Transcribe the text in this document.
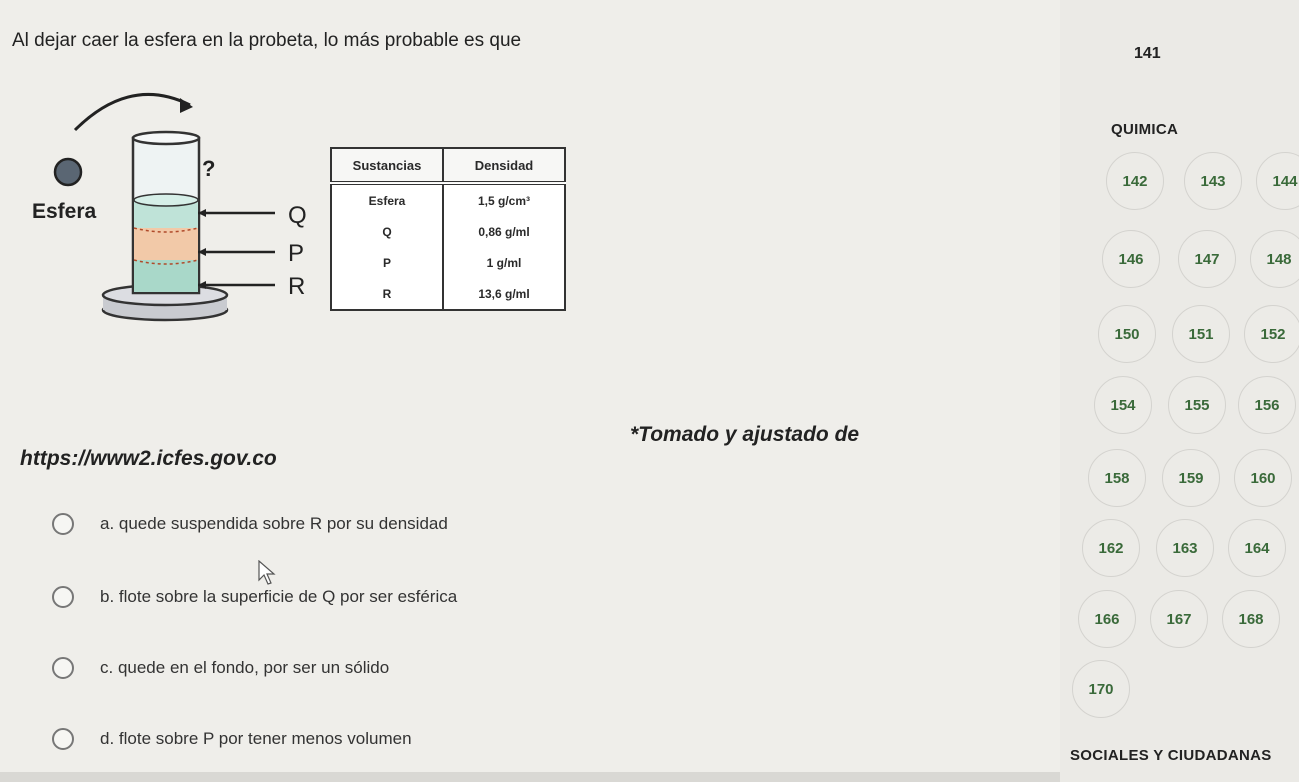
Al dejar caer la esfera en la probeta, lo más probable es que
Esfera
?
Q
P
R
Sustancias	Densidad
Esfera	1,5 g/cm³
Q	0,86 g/ml
P	1 g/ml
R	13,6 g/ml
*Tomado y ajustado de
https://www2.icfes.gov.co
a. quede suspendida sobre R por su densidad
b. flote sobre la superficie de Q por ser esférica
c. quede en el fondo, por ser un sólido
d. flote sobre P por tener menos volumen
141
QUIMICA
142	143	144
146	147	148
150	151	152
154	155	156
158	159	160
162	163	164
166	167	168
170
SOCIALES Y CIUDADANAS
